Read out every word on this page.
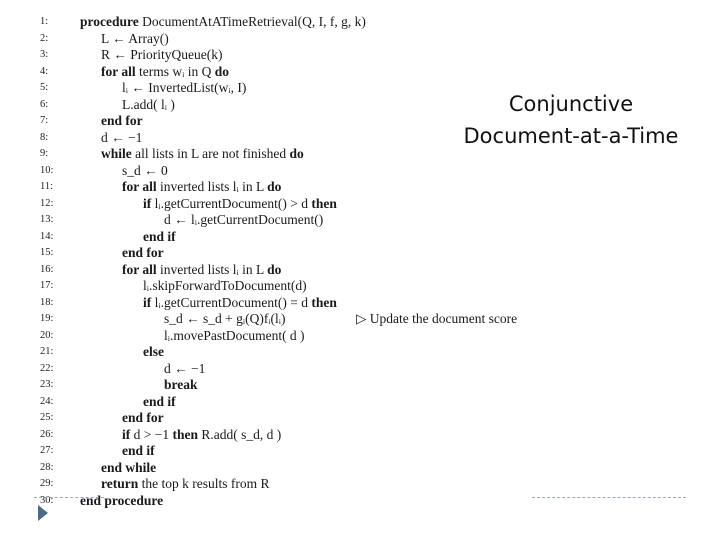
1:	procedure DocumentAtATimeRetrieval(Q, I, f, g, k)
2:	L ← Array()
3:	R ← PriorityQueue(k)
4:	for all terms wᵢ in Q do
5:	lᵢ ← InvertedList(wᵢ, I)
6:	L.add( lᵢ )
7:	end for
8:	d ← −1
9:	while all lists in L are not finished do
10:	s_d ← 0
11:	for all inverted lists lᵢ in L do
12:	if lᵢ.getCurrentDocument() > d then
13:	d ← lᵢ.getCurrentDocument()
14:	end if
15:	end for
16:	for all inverted lists lᵢ in L do
17:	lᵢ.skipForwardToDocument(d)
18:	if lᵢ.getCurrentDocument() = d then
19:	s_d ← s_d + gᵢ(Q)fᵢ(lᵢ)	▷ Update the document score
20:	lᵢ.movePastDocument( d )
21:	else
22:	d ← −1
23:	break
24:	end if
25:	end for
26:	if d > −1 then R.add( s_d, d )
27:	end if
28:	end while
29:	return the top k results from R
30:	end procedure
Conjunctive
Document-at-a-Time
